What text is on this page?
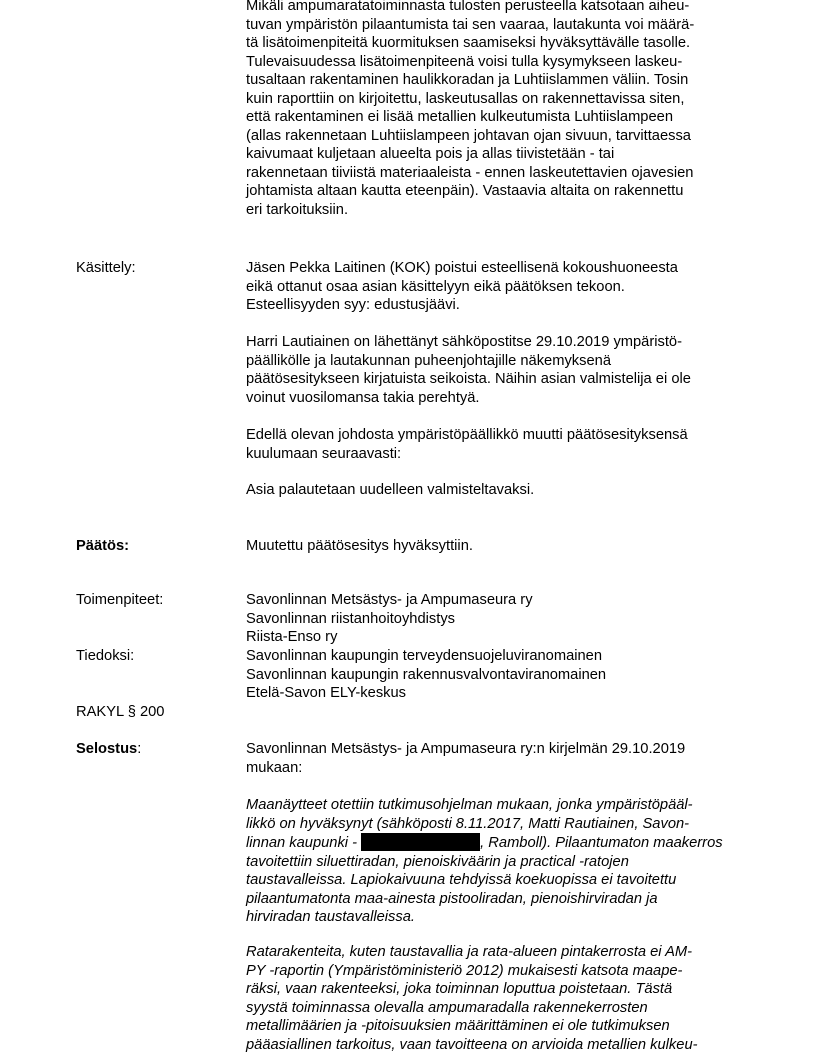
Mikäli ampumaratatoiminnasta tulosten perusteella katsotaan aiheu-
tuvan ympäristön pilaantumista tai sen vaaraa, lautakunta voi määrä-
tä lisätoimenpiteitä kuormituksen saamiseksi hyväksyttävälle tasolle.
Tulevaisuudessa lisätoimenpiteenä voisi tulla kysymykseen laskeu-
tusaltaan rakentaminen haulikkoradan ja Luhtiislammen väliin. Tosin
kuin raporttiin on kirjoitettu, laskeutusallas on rakennettavissa siten,
että rakentaminen ei lisää metallien kulkeutumista Luhtiislampeen
(allas rakennetaan Luhtiislampeen johtavan ojan sivuun, tarvittaessa
kaivumaat kuljetaan alueelta pois ja allas tiivistetään - tai
rakennetaan tiiviistä materiaaleista - ennen laskeutettavien ojavesien
johtamista altaan kautta eteenpäin). Vastaavia altaita on rakennettu
eri tarkoituksiin.
Käsittely:	Jäsen Pekka Laitinen (KOK) poistui esteellisenä kokoushuoneesta
eikä ottanut osaa asian käsittelyyn eikä päätöksen tekoon.
Esteellisyyden syy: edustusjäävi.
Harri Lautiainen on lähettänyt sähköpostitse 29.10.2019 ympäristö-
päällikölle ja lautakunnan puheenjohtajille näkemyksenä
päätösesitykseen kirjatuista seikoista. Näihin asian valmistelija ei ole
voinut vuosilomansa takia perehtyä.
Edellä olevan johdosta ympäristöpäällikkö muutti päätösesityksensä
kuulumaan seuraavasti:
Asia palautetaan uudelleen valmisteltavaksi.
Päätös:	Muutettu päätösesitys hyväksyttiin.
Toimenpiteet:	Savonlinnan Metsästys- ja Ampumaseura ry
Savonlinnan riistanhoitoyhdistys
Riista-Enso ry
Tiedoksi:	Savonlinnan kaupungin terveydensuojeluviranomainen
Savonlinnan kaupungin rakennusvalvontaviranomainen
Etelä-Savon ELY-keskus
RAKYL § 200
Selostus:	Savonlinnan Metsästys- ja Ampumaseura ry:n kirjelmän 29.10.2019
mukaan:
Maanäytteet otettiin tutkimusohjelman mukaan, jonka ympäristöpääl-
likkö on hyväksynyt (sähköposti 8.11.2017, Matti Rautiainen, Savon-
linnan kaupunki -	, Ramboll). Pilaantumaton maakerros
tavoitettiin siluettiradan, pienoiskiväärin ja practical -ratojen
taustavalleissa. Lapiokaivuuna tehdyissä koekuopissa ei tavoitettu
pilaantumatonta maa-ainesta pistooliradan, pienoishirviradan ja
hirviradan taustavalleissa.
Ratarakenteita, kuten taustavallia ja rata-alueen pintakerrosta ei AM-
PY -raportin (Ympäristöministeriö 2012) mukaisesti katsota maape-
räksi, vaan rakenteeksi, joka toiminnan loputtua poistetaan. Tästä
syystä toiminnassa olevalla ampumaradalla rakennekerrosten
metallimäärien ja -pitoisuuksien määrittäminen ei ole tutkimuksen
pääasiallinen tarkoitus, vaan tavoitteena on arvioida metallien kulkeu-
